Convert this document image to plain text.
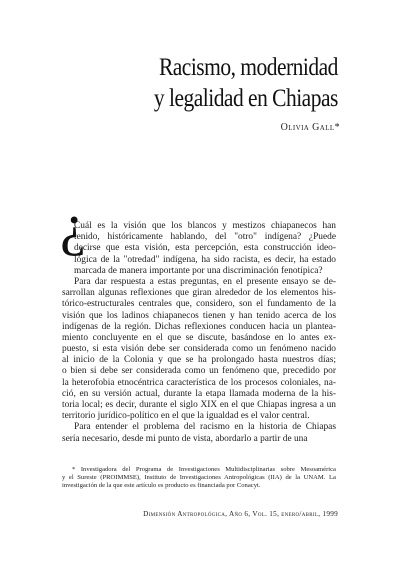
Racismo, modernidad
y legalidad en Chiapas
Olivia Gall*
¿
Cuál es la visión que los blancos y mestizos chiapanecos han
tenido, históricamente hablando, del "otro" indígena? ¿Puede
decirse que esta visión, esta percepción, esta construcción ideo-
lógica de la "otredad" indígena, ha sido racista, es decir, ha estado
marcada de manera importante por una discriminación fenotípica?
Para dar respuesta a estas preguntas, en el presente ensayo se de-
sarrollan algunas reflexiones que giran alrededor de los elementos his-
tórico-estructurales centrales que, considero, son el fundamento de la
visión que los ladinos chiapanecos tienen y han tenido acerca de los
indígenas de la región. Dichas reflexiones conducen hacia un plantea-
miento concluyente en el que se discute, basándose en lo antes ex-
puesto, si esta visión debe ser considerada como un fenómeno nacido
al inicio de la Colonia y que se ha prolongado hasta nuestros días;
o bien si debe ser considerada como un fenómeno que, precedido por
la heterofobia etnocéntrica característica de los procesos coloniales, na-
ció, en su versión actual, durante la etapa llamada moderna de la his-
toria local; es decir, durante el siglo XIX en el que Chiapas ingresa a un
territorio jurídico-político en el que la igualdad es el valor central.
Para entender el problema del racismo en la historia de Chiapas
sería necesario, desde mi punto de vista, abordarlo a partir de una
* Investigadora del Programa de Investigaciones Multidisciplinarias sobre Mesoamérica
y el Sureste (PROIMMSE), Instituto de Investigaciones Antropológicas (IIA) de la UNAM. La
investigación de la que este artículo es producto es financiada por Conacyt.
Dimensión Antropológica, Año 6, Vol. 15, enero/abril, 1999
